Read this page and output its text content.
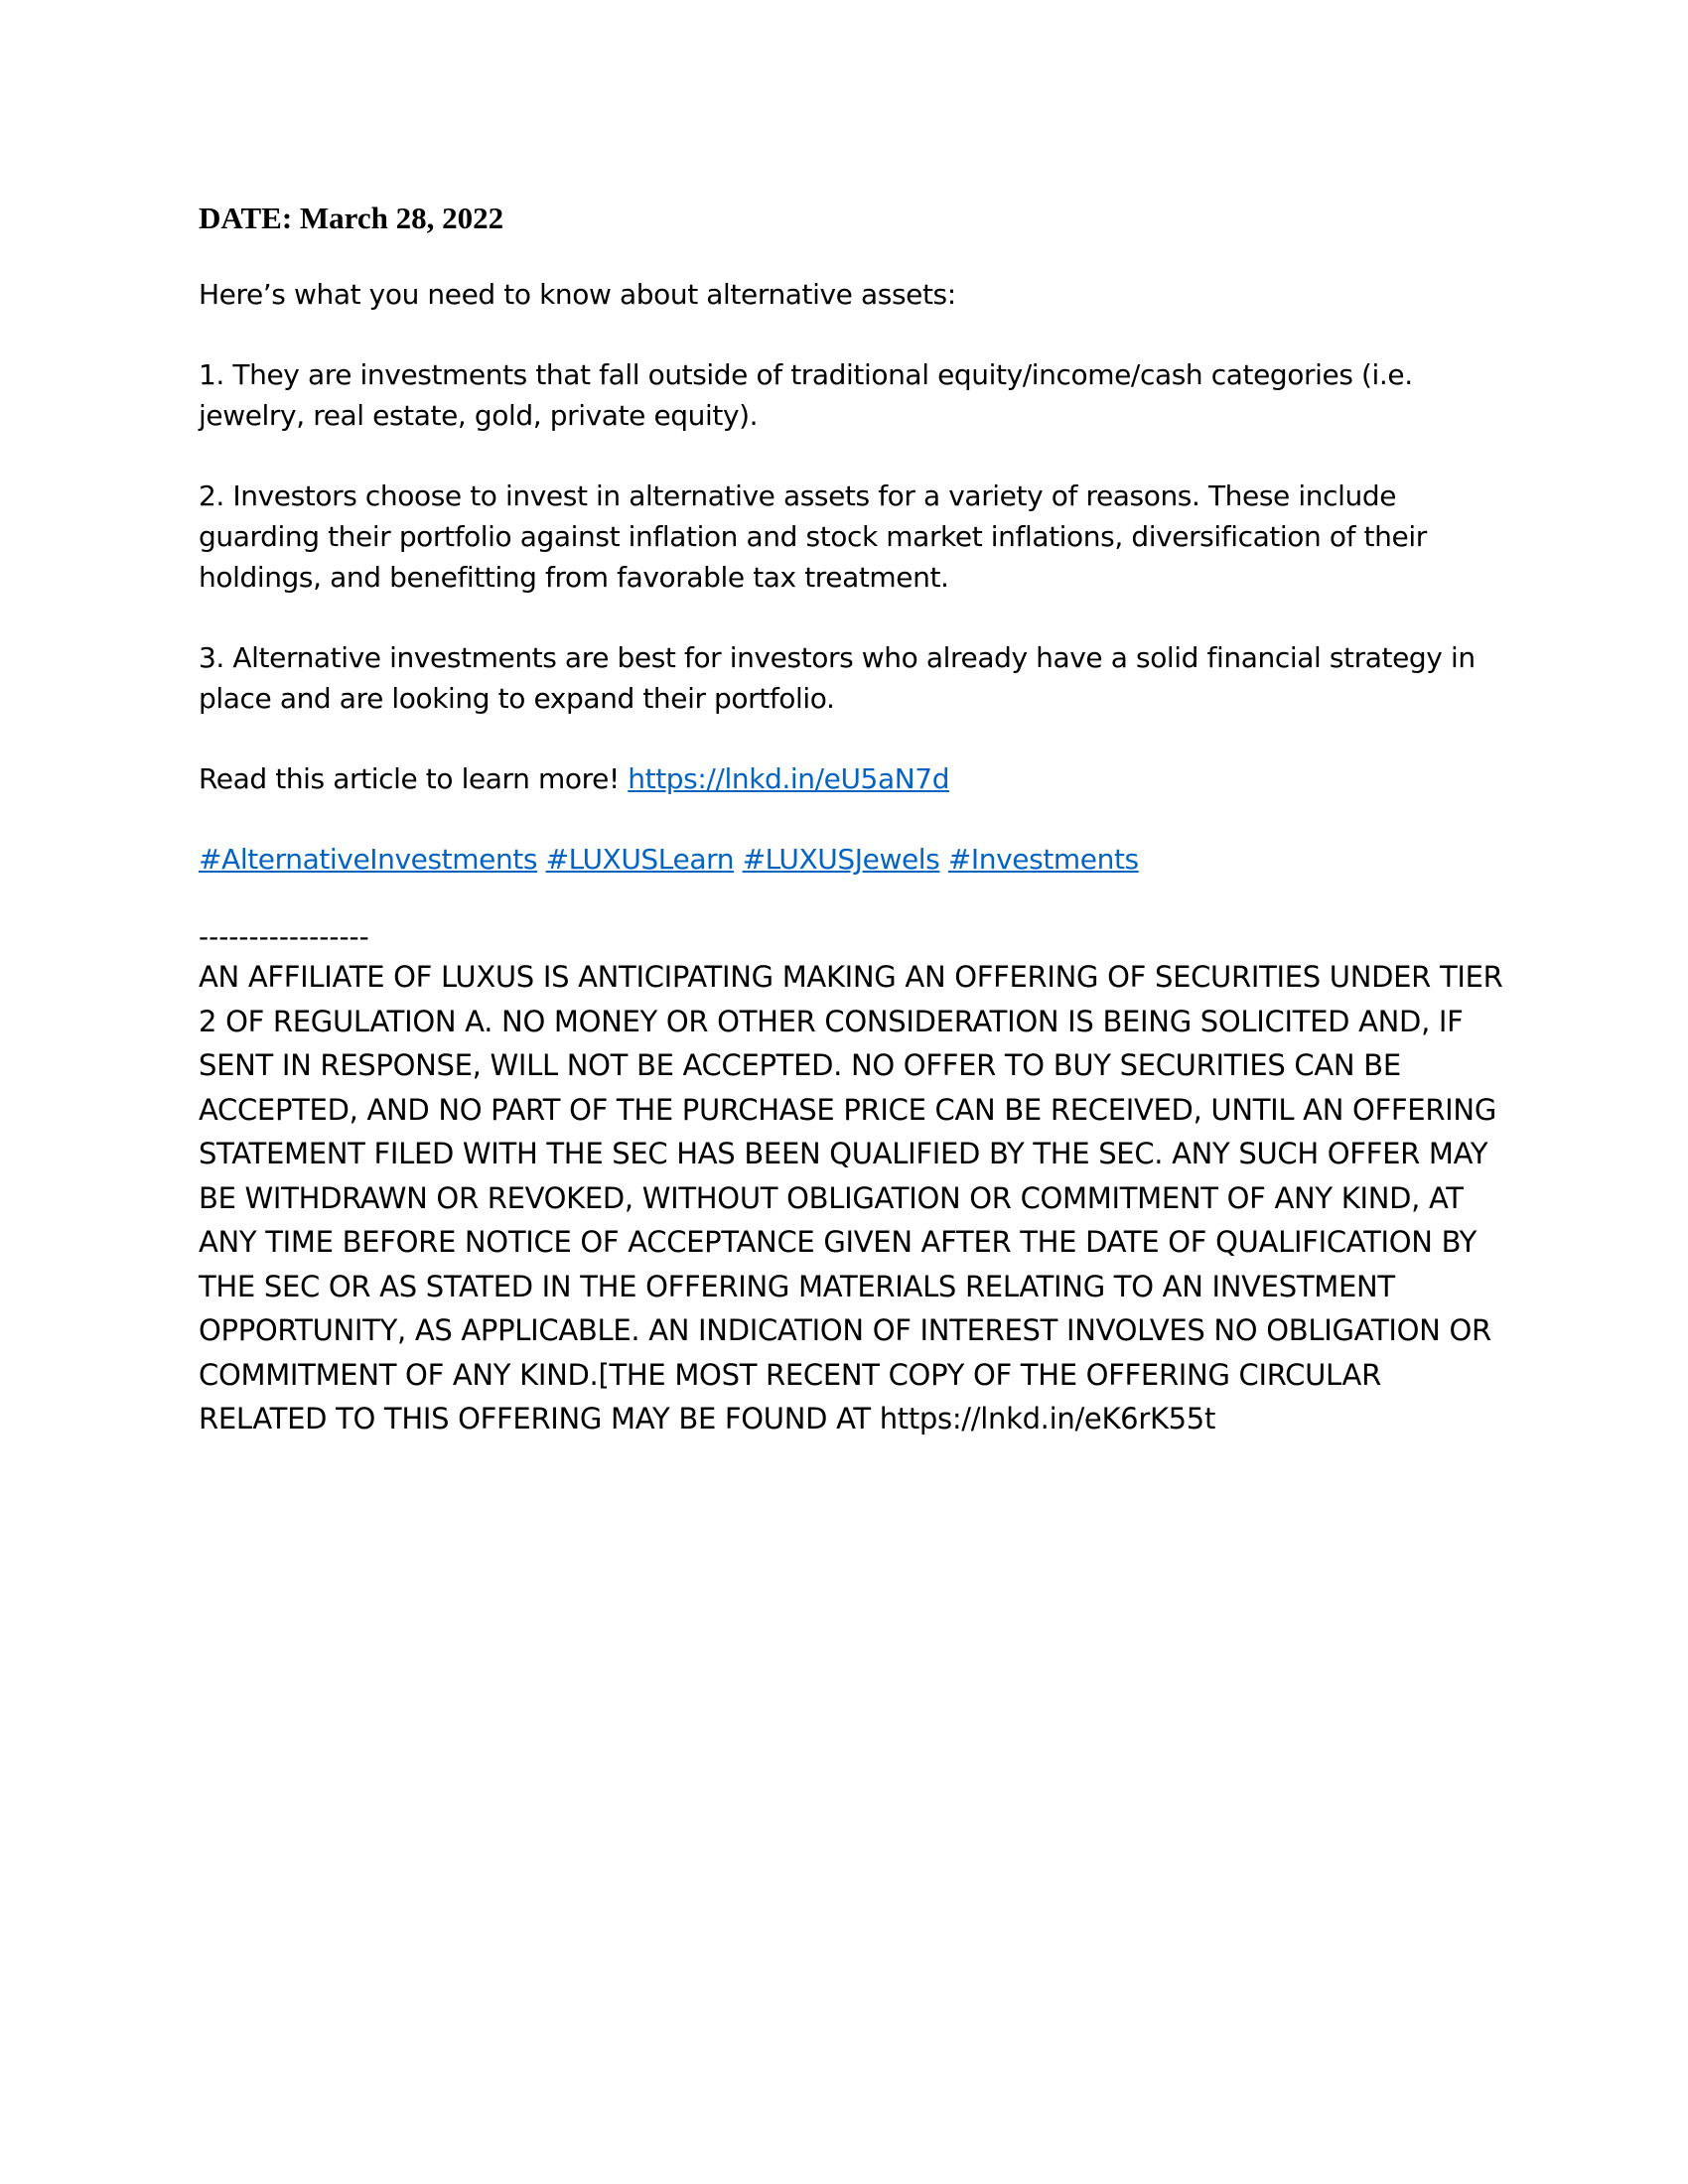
DATE: March 28, 2022

Here’s what you need to know about alternative assets:

1. They are investments that fall outside of traditional equity/income/cash categories (i.e. jewelry, real estate, gold, private equity).

2. Investors choose to invest in alternative assets for a variety of reasons. These include guarding their portfolio against inflation and stock market inflations, diversification of their holdings, and benefitting from favorable tax treatment.

3. Alternative investments are best for investors who already have a solid financial strategy in place and are looking to expand their portfolio.

Read this article to learn more! https://lnkd.in/eU5aN7d

#AlternativeInvestments #LUXUSLearn #LUXUSJewels #Investments

-----------------

AN AFFILIATE OF LUXUS IS ANTICIPATING MAKING AN OFFERING OF SECURITIES UNDER TIER 2 OF REGULATION A. NO MONEY OR OTHER CONSIDERATION IS BEING SOLICITED AND, IF SENT IN RESPONSE, WILL NOT BE ACCEPTED. NO OFFER TO BUY SECURITIES CAN BE ACCEPTED, AND NO PART OF THE PURCHASE PRICE CAN BE RECEIVED, UNTIL AN OFFERING STATEMENT FILED WITH THE SEC HAS BEEN QUALIFIED BY THE SEC. ANY SUCH OFFER MAY BE WITHDRAWN OR REVOKED, WITHOUT OBLIGATION OR COMMITMENT OF ANY KIND, AT ANY TIME BEFORE NOTICE OF ACCEPTANCE GIVEN AFTER THE DATE OF QUALIFICATION BY THE SEC OR AS STATED IN THE OFFERING MATERIALS RELATING TO AN INVESTMENT OPPORTUNITY, AS APPLICABLE. AN INDICATION OF INTEREST INVOLVES NO OBLIGATION OR COMMITMENT OF ANY KIND.[THE MOST RECENT COPY OF THE OFFERING CIRCULAR RELATED TO THIS OFFERING MAY BE FOUND AT https://lnkd.in/eK6rK55t
